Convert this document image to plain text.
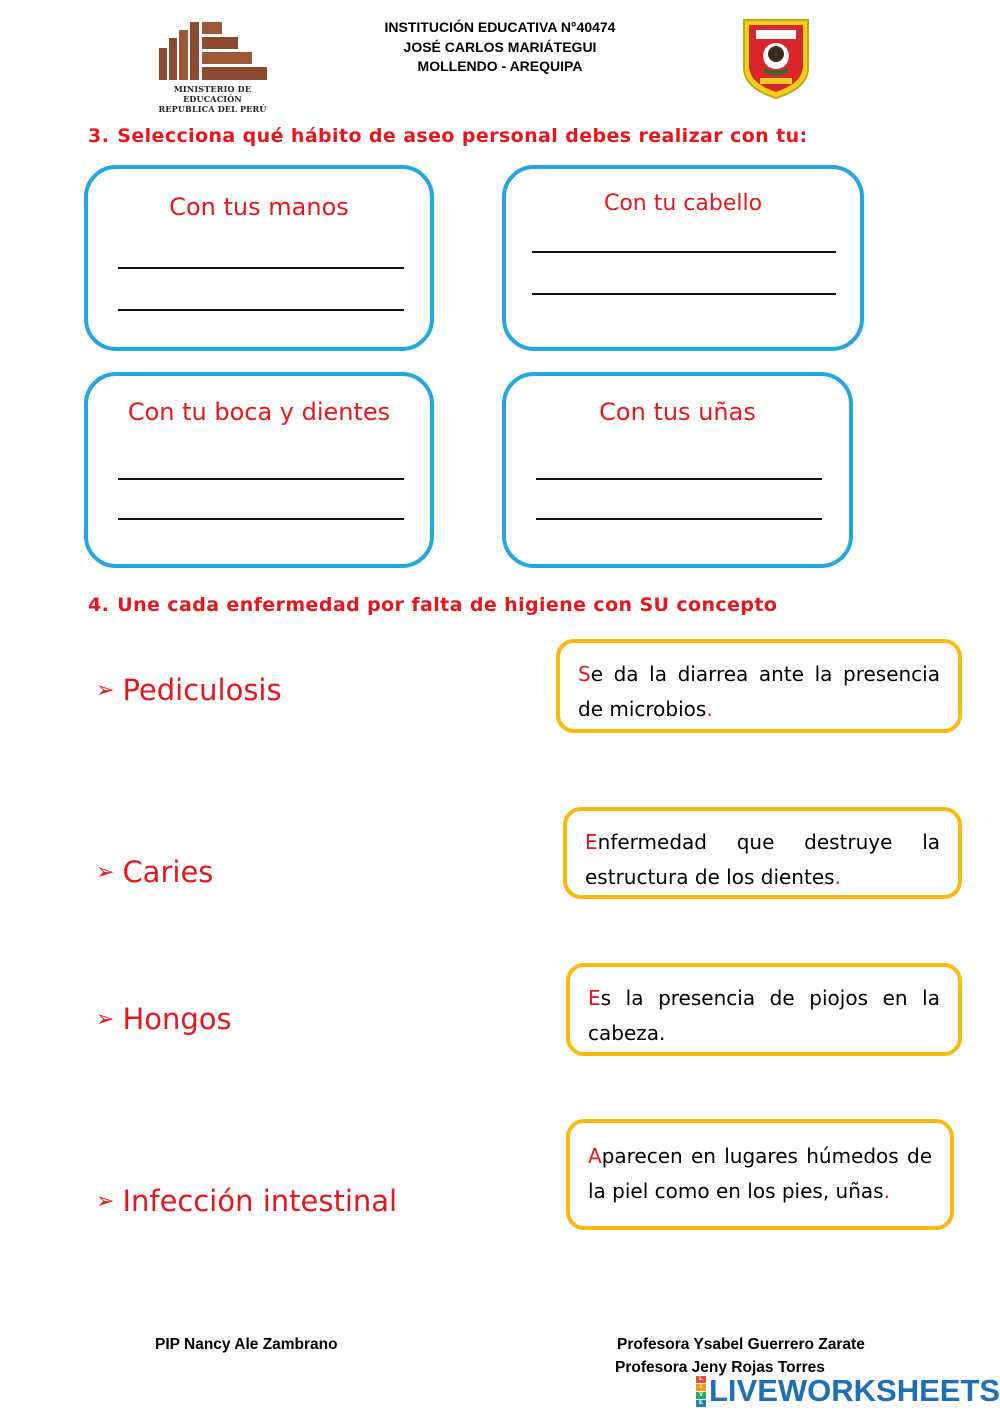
MINISTERIO DE EDUCACIÓN
REPUBLICA DEL PERÚ
INSTITUCIÓN EDUCATIVA N°40474
JOSÉ CARLOS MARIÁTEGUI
MOLLENDO - AREQUIPA
3. Selecciona qué hábito de aseo personal debes realizar con tu:
Con tus manos	Con tu cabello
Con tu boca y dientes	Con tus uñas
4. Une cada enfermedad por falta de higiene con SU concepto
➢ Pediculosis
➢ Caries
➢ Hongos
➢ Infección intestinal
Se da la diarrea ante la presencia de microbios.
Enfermedad que destruye la estructura de los dientes.
Es la presencia de piojos en la cabeza.
Aparecen en lugares húmedos de la piel como en los pies, uñas.
PIP Nancy Ale Zambrano	Profesora Ysabel Guerrero Zarate
Profesora Jeny Rojas Torres
L
I
V
E LIVEWORKSHEETS
